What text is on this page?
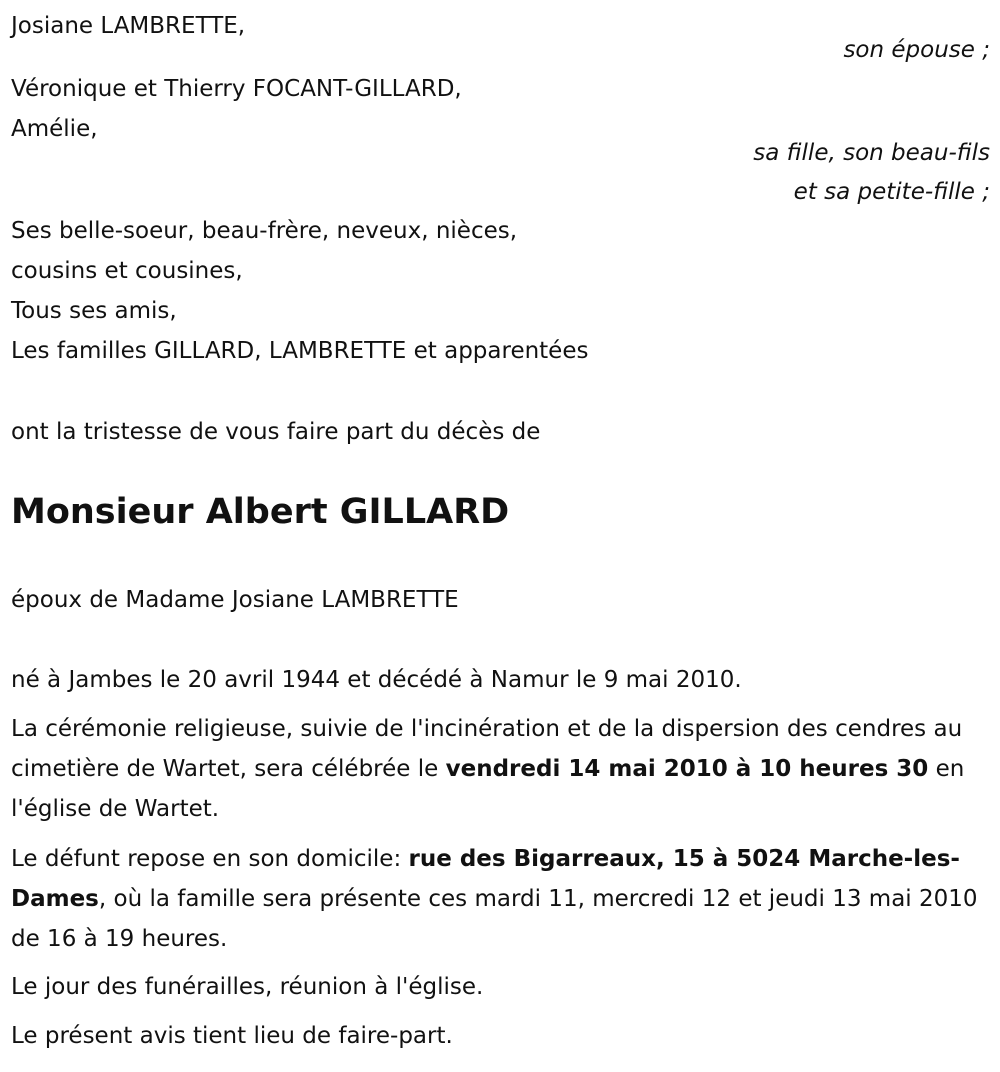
Josiane LAMBRETTE,
son épouse ;
Véronique et Thierry FOCANT-GILLARD,
Amélie,
sa fille, son beau-fils
et sa petite-fille ;
Ses belle-soeur, beau-frère, neveux, nièces,
cousins et cousines,
Tous ses amis,
Les familles GILLARD, LAMBRETTE et apparentées
ont la tristesse de vous faire part du décès de
Monsieur Albert GILLARD
époux de Madame Josiane LAMBRETTE
né à Jambes le 20 avril 1944 et décédé à Namur le 9 mai 2010.
La cérémonie religieuse, suivie de l'incinération et de la dispersion des cendres au cimetière de Wartet, sera célébrée le vendredi 14 mai 2010 à 10 heures 30 en l'église de Wartet.
Le défunt repose en son domicile: rue des Bigarreaux, 15 à 5024 Marche-les-Dames, où la famille sera présente ces mardi 11, mercredi 12 et jeudi 13 mai 2010 de 16 à 19 heures.
Le jour des funérailles, réunion à l'église.
Le présent avis tient lieu de faire-part.
